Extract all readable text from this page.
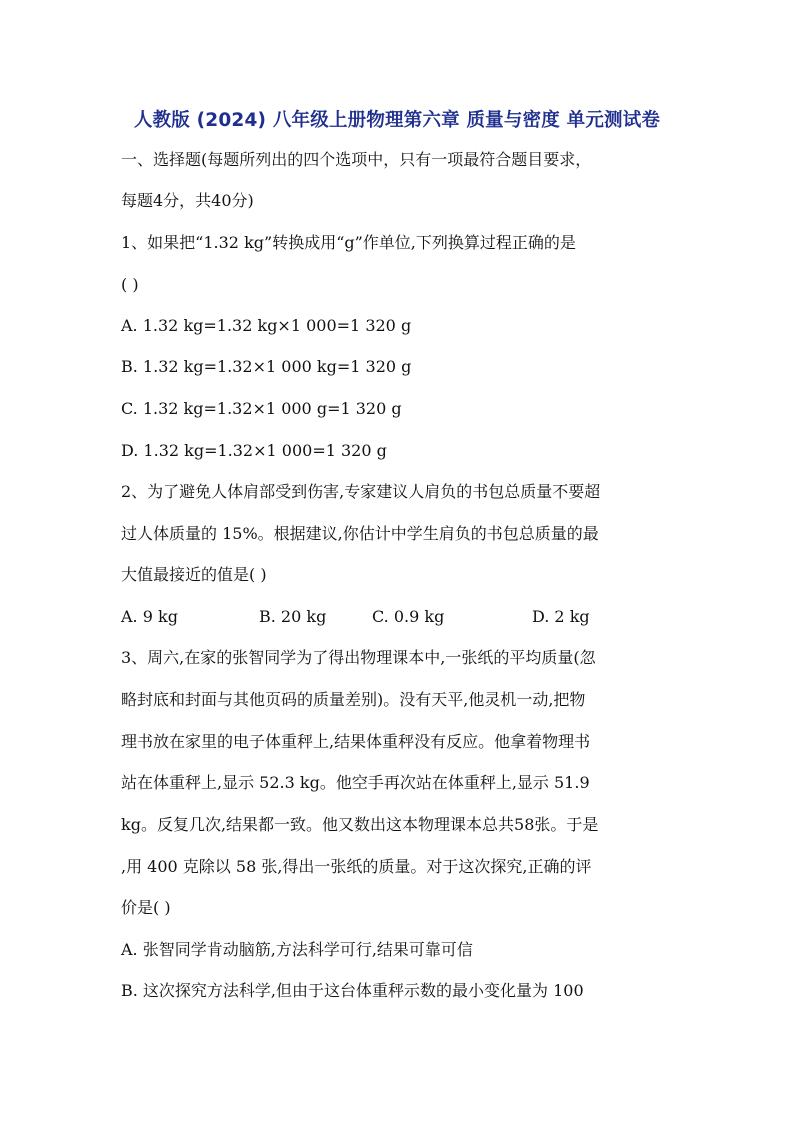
人教版 (2024) 八年级上册物理第六章 质量与密度 单元测试卷
一、选择题(每题所列出的四个选项中，只有一项最符合题目要求，
每题4分，共40分)
1、如果把“1.32 kg”转换成用“g”作单位,下列换算过程正确的是
( )
A. 1.32 kg=1.32 kg×1 000=1 320 g
B. 1.32 kg=1.32×1 000 kg=1 320 g
C. 1.32 kg=1.32×1 000 g=1 320 g
D. 1.32 kg=1.32×1 000=1 320 g
2、为了避免人体肩部受到伤害,专家建议人肩负的书包总质量不要超
过人体质量的 15%。根据建议,你估计中学生肩负的书包总质量的最
大值最接近的值是( )
A. 9 kg	B. 20 kg	C. 0.9 kg	D. 2 kg
3、周六,在家的张智同学为了得出物理课本中,一张纸的平均质量(忽
略封底和封面与其他页码的质量差别)。没有天平,他灵机一动,把物
理书放在家里的电子体重秤上,结果体重秤没有反应。他拿着物理书
站在体重秤上,显示 52.3 kg。他空手再次站在体重秤上,显示 51.9
kg。反复几次,结果都一致。他又数出这本物理课本总共58张。于是
,用 400 克除以 58 张,得出一张纸的质量。对于这次探究,正确的评
价是( )
A. 张智同学肯动脑筋,方法科学可行,结果可靠可信
B. 这次探究方法科学,但由于这台体重秤示数的最小变化量为 100
